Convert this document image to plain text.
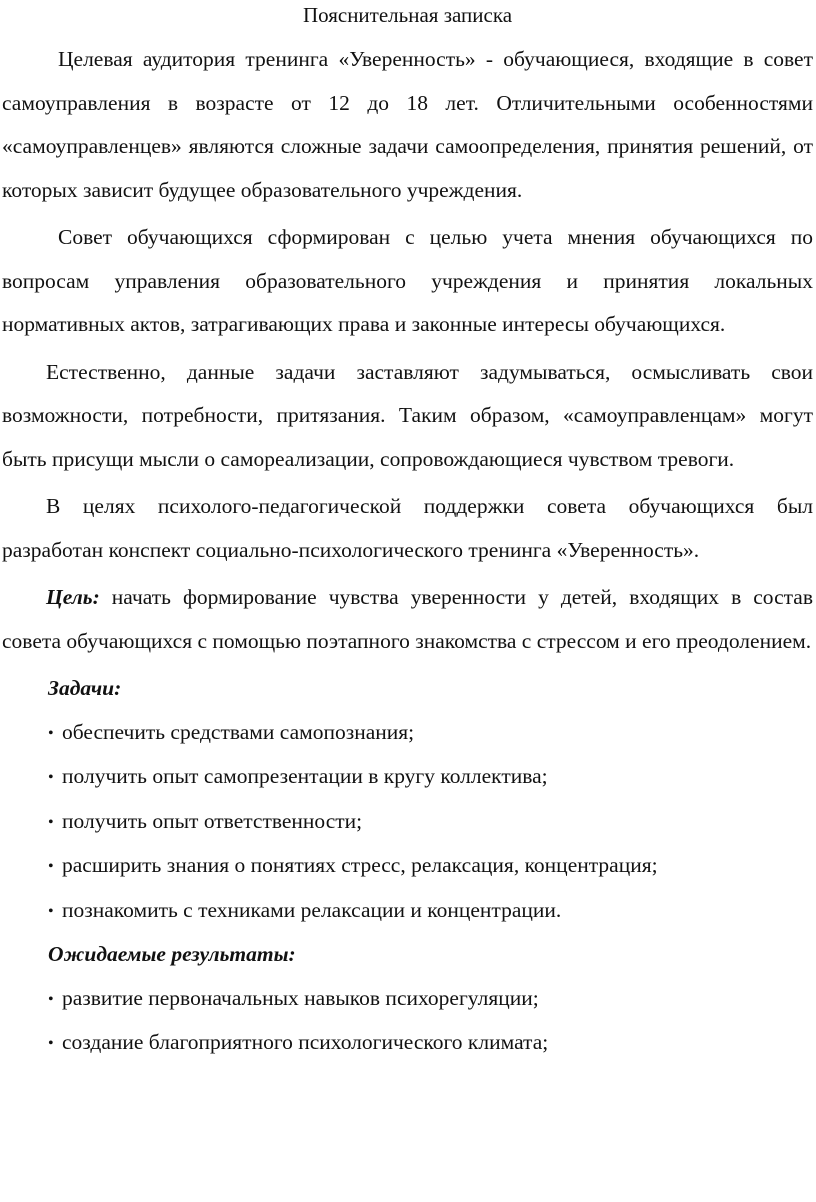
Пояснительная записка

Целевая аудитория тренинга «Уверенность» - обучающиеся, входящие в совет самоуправления в возрасте от 12 до 18 лет. Отличительными особенностями «самоуправленцев» являются сложные задачи самоопределения, принятия решений, от которых зависит будущее образовательного учреждения.

Совет обучающихся сформирован с целью учета мнения обучающихся по вопросам управления образовательного учреждения и принятия локальных нормативных актов, затрагивающих права и законные интересы обучающихся.

Естественно, данные задачи заставляют задумываться, осмысливать свои возможности, потребности, притязания. Таким образом, «самоуправленцам» могут быть присущи мысли о самореализации, сопровождающиеся чувством тревоги.

В целях психолого-педагогической поддержки совета обучающихся был разработан конспект социально-психологического тренинга «Уверенность».

Цель: начать формирование чувства уверенности у детей, входящих в состав совета обучающихся с помощью поэтапного знакомства с стрессом и его преодолением.

Задачи:

• обеспечить средствами самопознания;
• получить опыт самопрезентации в кругу коллектива;
• получить опыт ответственности;
• расширить знания о понятиях стресс, релаксация, концентрация;
• познакомить с техниками релаксации и концентрации.

Ожидаемые результаты:

• развитие первоначальных навыков психорегуляции;
• создание благоприятного психологического климата;
